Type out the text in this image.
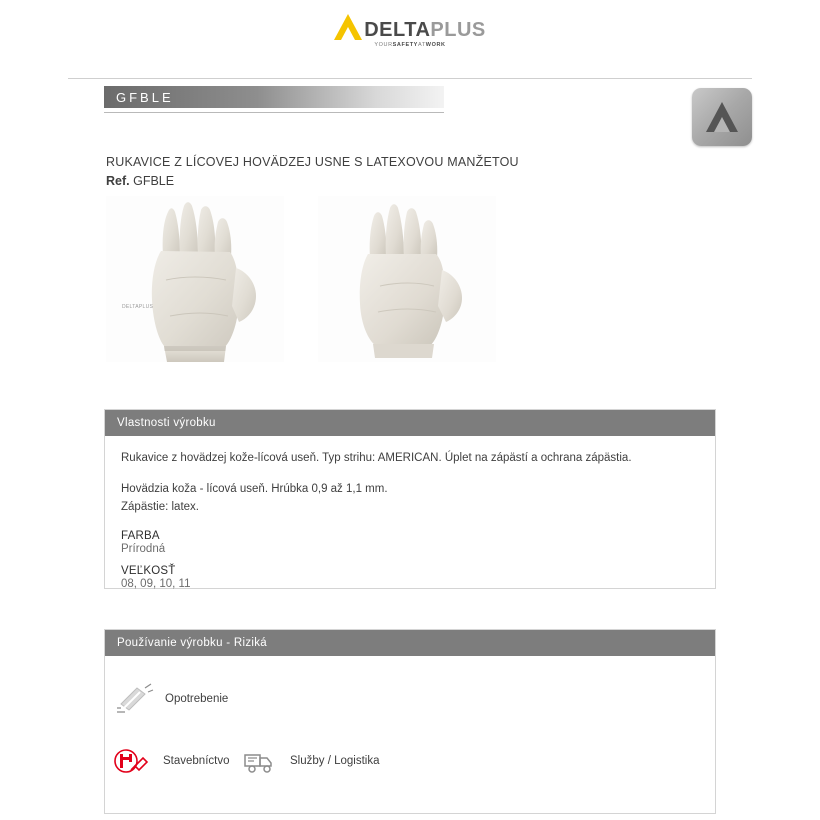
DELTA PLUS
YOURSAFETYATWORK
GFBLE
RUKAVICE Z LÍCOVEJ HOVÄDZEJ USNE S LATEXOVOU MANŽETOU
Ref. GFBLE
DELTAPLUS
Vlastnosti výrobku

Rukavice z hovädzej kože-lícová useň. Typ strihu: AMERICAN. Úplet na zápästí a ochrana zápästia.

Hovädzia koža - lícová useň. Hrúbka 0,9 až 1,1 mm.

Zápästie: latex.

FARBA

Prírodná

VEĽKOSŤ

08, 09, 10, 11

Používanie výrobku - Riziká
Opotrebenie
Stavebníctvo	Služby / Logistika
